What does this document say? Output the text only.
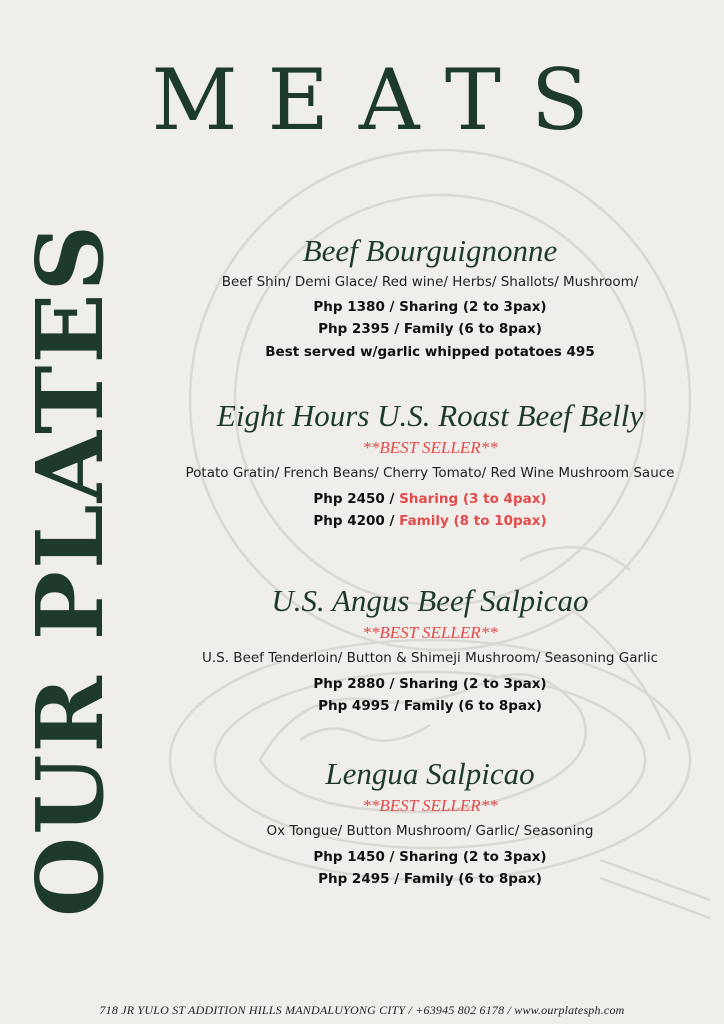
MEATS
OUR PLATES	Beef Bourguignonne
Beef Shin/ Demi Glace/ Red wine/ Herbs/ Shallots/ Mushroom/
Php 1380 / Sharing (2 to 3pax)
Php 2395 / Family (6 to 8pax)
Best served w/garlic whipped potatoes 495
Eight Hours U.S. Roast Beef Belly
**BEST SELLER**
Potato Gratin/ French Beans/ Cherry Tomato/ Red Wine Mushroom Sauce
Php 2450 / Sharing (3 to 4pax)
Php 4200 / Family (8 to 10pax)
U.S. Angus Beef Salpicao
**BEST SELLER**
U.S. Beef Tenderloin/ Button & Shimeji Mushroom/ Seasoning Garlic
Php 2880 / Sharing (2 to 3pax)
Php 4995 / Family (6 to 8pax)
Lengua Salpicao
**BEST SELLER**
Ox Tongue/ Button Mushroom/ Garlic/ Seasoning
Php 1450 / Sharing (2 to 3pax)
Php 2495 / Family (6 to 8pax)
718 JR YULO ST ADDITION HILLS MANDALUYONG CITY / +63945 802 6178 / www.ourplatesph.com
